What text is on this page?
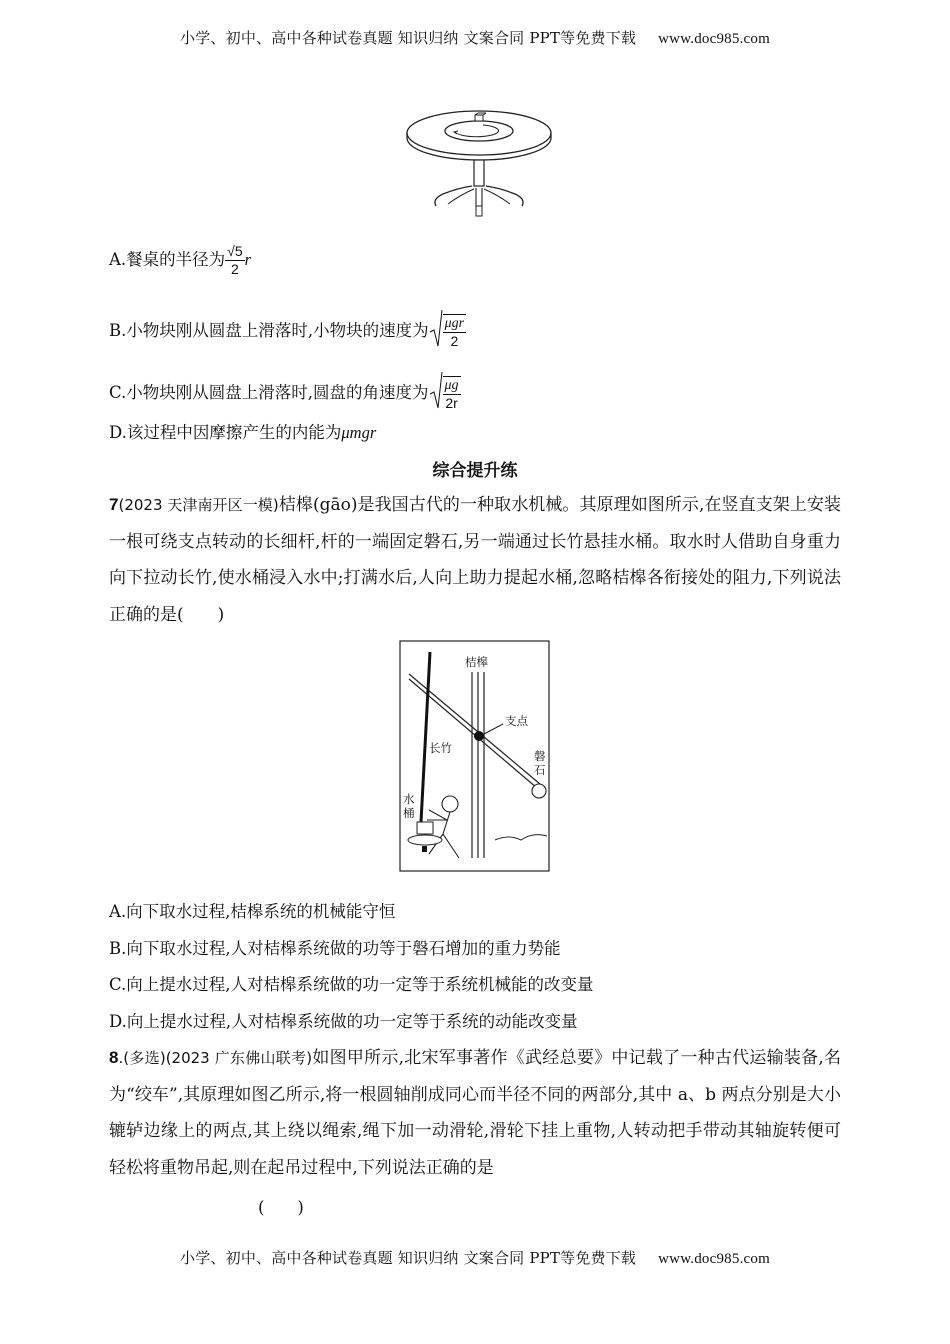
小学、初中、高中各种试卷真题 知识归纳 文案合同 PPT等免费下载 www.doc985.com
A.餐桌的半径为 $\frac{√5}{2}$ r
B.小物块刚从圆盘上滑落时,小物块的速度为 $\frac{\text{μgr}}{2}$
C.小物块刚从圆盘上滑落时,圆盘的角速度为 $\frac{\mu g}{2r}$
D.该过程中因摩擦产生的内能为μmgr
综合提升练
7(2023 天津南开区一模)桔槔(gāo)是我国古代的一种取水机械。其原理如图所示,在竖直支架上安装一根可绕支点转动的长细杆,杆的一端固定磐石,另一端通过长竹悬挂水桶。取水时人借助自身重力向下拉动长竹,使水桶浸入水中;打满水后,人向上助力提起水桶,忽略桔槔各衔接处的阻力,下列说法正确的是(　　)
桔槔
支点
长竹
磐
石
水
桶
A.向下取水过程,桔槔系统的机械能守恒
B.向下取水过程,人对桔槔系统做的功等于磐石增加的重力势能
C.向上提水过程,人对桔槔系统做的功一定等于系统机械能的改变量
D.向上提水过程,人对桔槔系统做的功一定等于系统的动能改变量
8.(多选)(2023 广东佛山联考)如图甲所示,北宋军事著作《武经总要》中记载了一种古代运输装备,名为“绞车”,其原理如图乙所示,将一根圆轴削成同心而半径不同的两部分,其中 a、b 两点分别是大小辘轳边缘上的两点,其上绕以绳索,绳下加一动滑轮,滑轮下挂上重物,人转动把手带动其轴旋转便可轻松将重物吊起,则在起吊过程中,下列说法正确的是
(　　)
小学、初中、高中各种试卷真题 知识归纳 文案合同 PPT等免费下载 www.doc985.com
